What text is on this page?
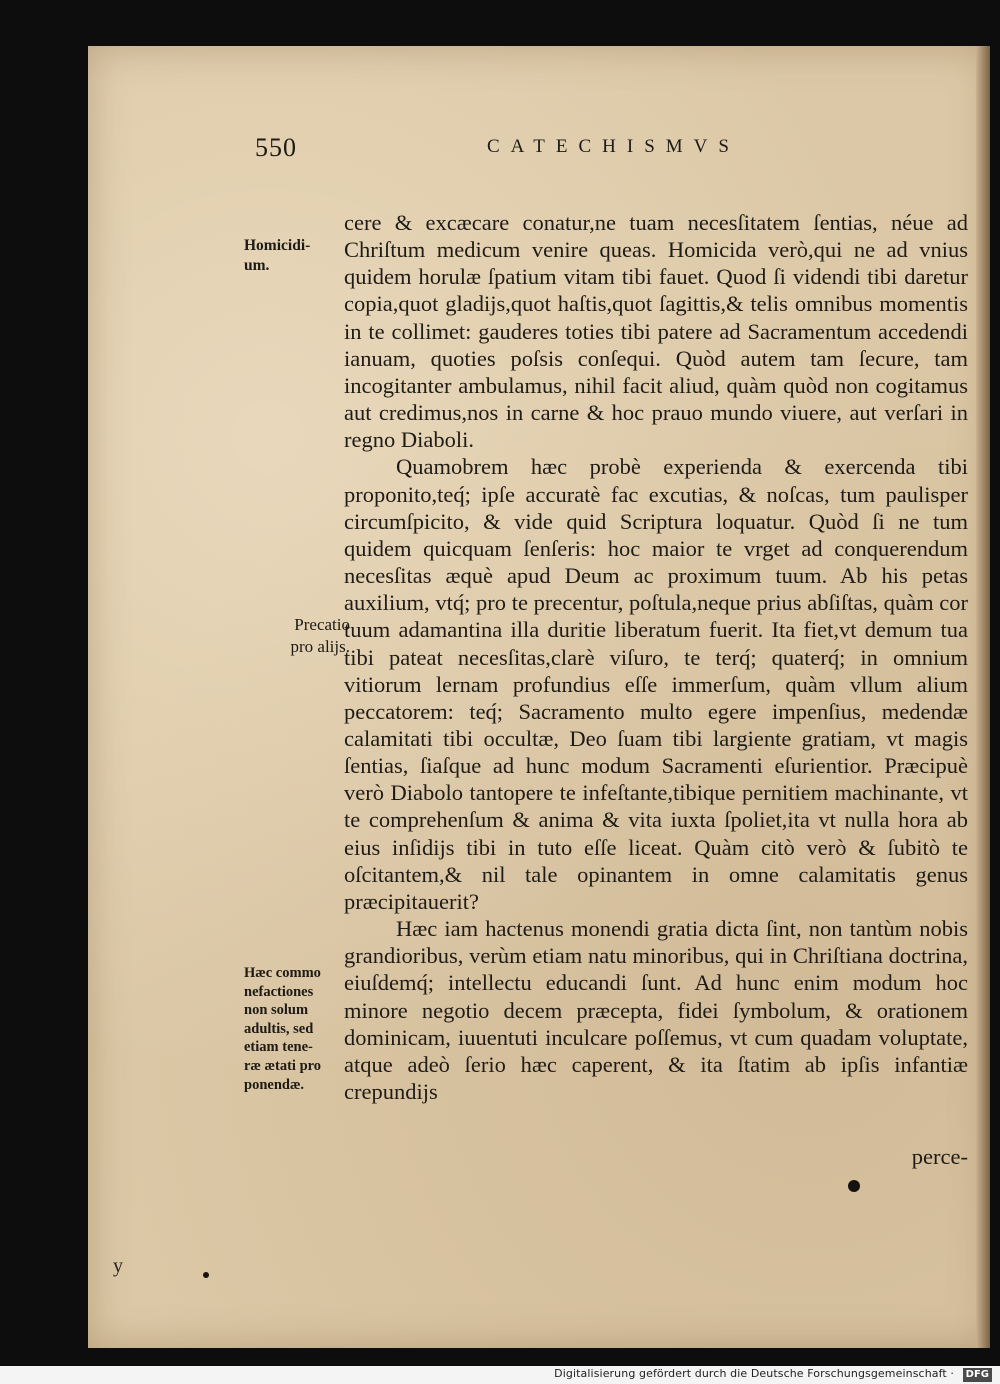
550	CATECHISMVS
Homicidi-
um.
Precatio
pro alijs.
Hæc commo
nefactiones
non solum
adultis, sed
etiam tene-
ræ ætati pro
ponendæ.

cere & excæcare conatur,ne tuam necesſitatem ſentias, néue ad Chriſtum medicum venire queas. Homicida verò,qui ne ad vnius quidem horulæ ſpatium vitam tibi fauet. Quod ſi videndi tibi daretur copia,quot gladijs,quot haſtis,quot ſagittis,& telis omnibus momentis in te collimet: gauderes toties tibi patere ad Sacramentum accedendi ianuam, quoties poſsis conſequi. Quòd autem tam ſecure, tam incogitanter ambulamus, nihil facit aliud, quàm quòd non cogitamus aut credimus,nos in carne & hoc prauo mundo viuere, aut verſari in regno Diaboli.

Quamobrem hæc probè experienda & exercenda tibi proponito,teq́; ipſe accuratè fac excutias, & noſcas, tum paulisper circumſpicito, & vide quid Scriptura loquatur. Quòd ſi ne tum quidem quicquam ſenſeris: hoc maior te vrget ad conquerendum necesſitas æquè apud Deum ac proximum tuum. Ab his petas auxilium, vtq́; pro te precentur, poſtula,neque prius abſiſtas, quàm cor tuum adamantina illa duritie liberatum fuerit. Ita fiet,vt demum tua tibi pateat necesſitas,clarè viſuro, te terq́; quaterq́; in omnium vitiorum lernam profundius eſſe immerſum, quàm vllum alium peccatorem: teq́; Sacramento multo egere impenſius, medendæ calamitati tibi occultæ, Deo ſuam tibi largiente gratiam, vt magis ſentias, ſiaſque ad hunc modum Sacramenti eſurientior. Præcipuè verò Diabolo tantopere te infeſtante,tibique pernitiem machinante, vt te comprehenſum & anima & vita iuxta ſpoliet,ita vt nulla hora ab eius inſidijs tibi in tuto eſſe liceat. Quàm citò verò & ſubitò te oſcitantem,& nil tale opinantem in omne calamitatis genus præcipitauerit?

Hæc iam hactenus monendi gratia dicta ſint, non tantùm nobis grandioribus, verùm etiam natu minoribus, qui in Chriſtiana doctrina, eiuſdemq́; intellectu educandi ſunt. Ad hunc enim modum hoc minore negotio decem præcepta, fidei ſymbolum, & orationem dominicam, iuuentuti inculcare poſſemus, vt cum quadam voluptate, atque adeò ſerio hæc caperent, & ita ſtatim ab ipſis infantiæ crepundijs

perce-
y
Digitalisierung gefördert durch die Deutsche Forschungsgemeinschaft ·	DFG
